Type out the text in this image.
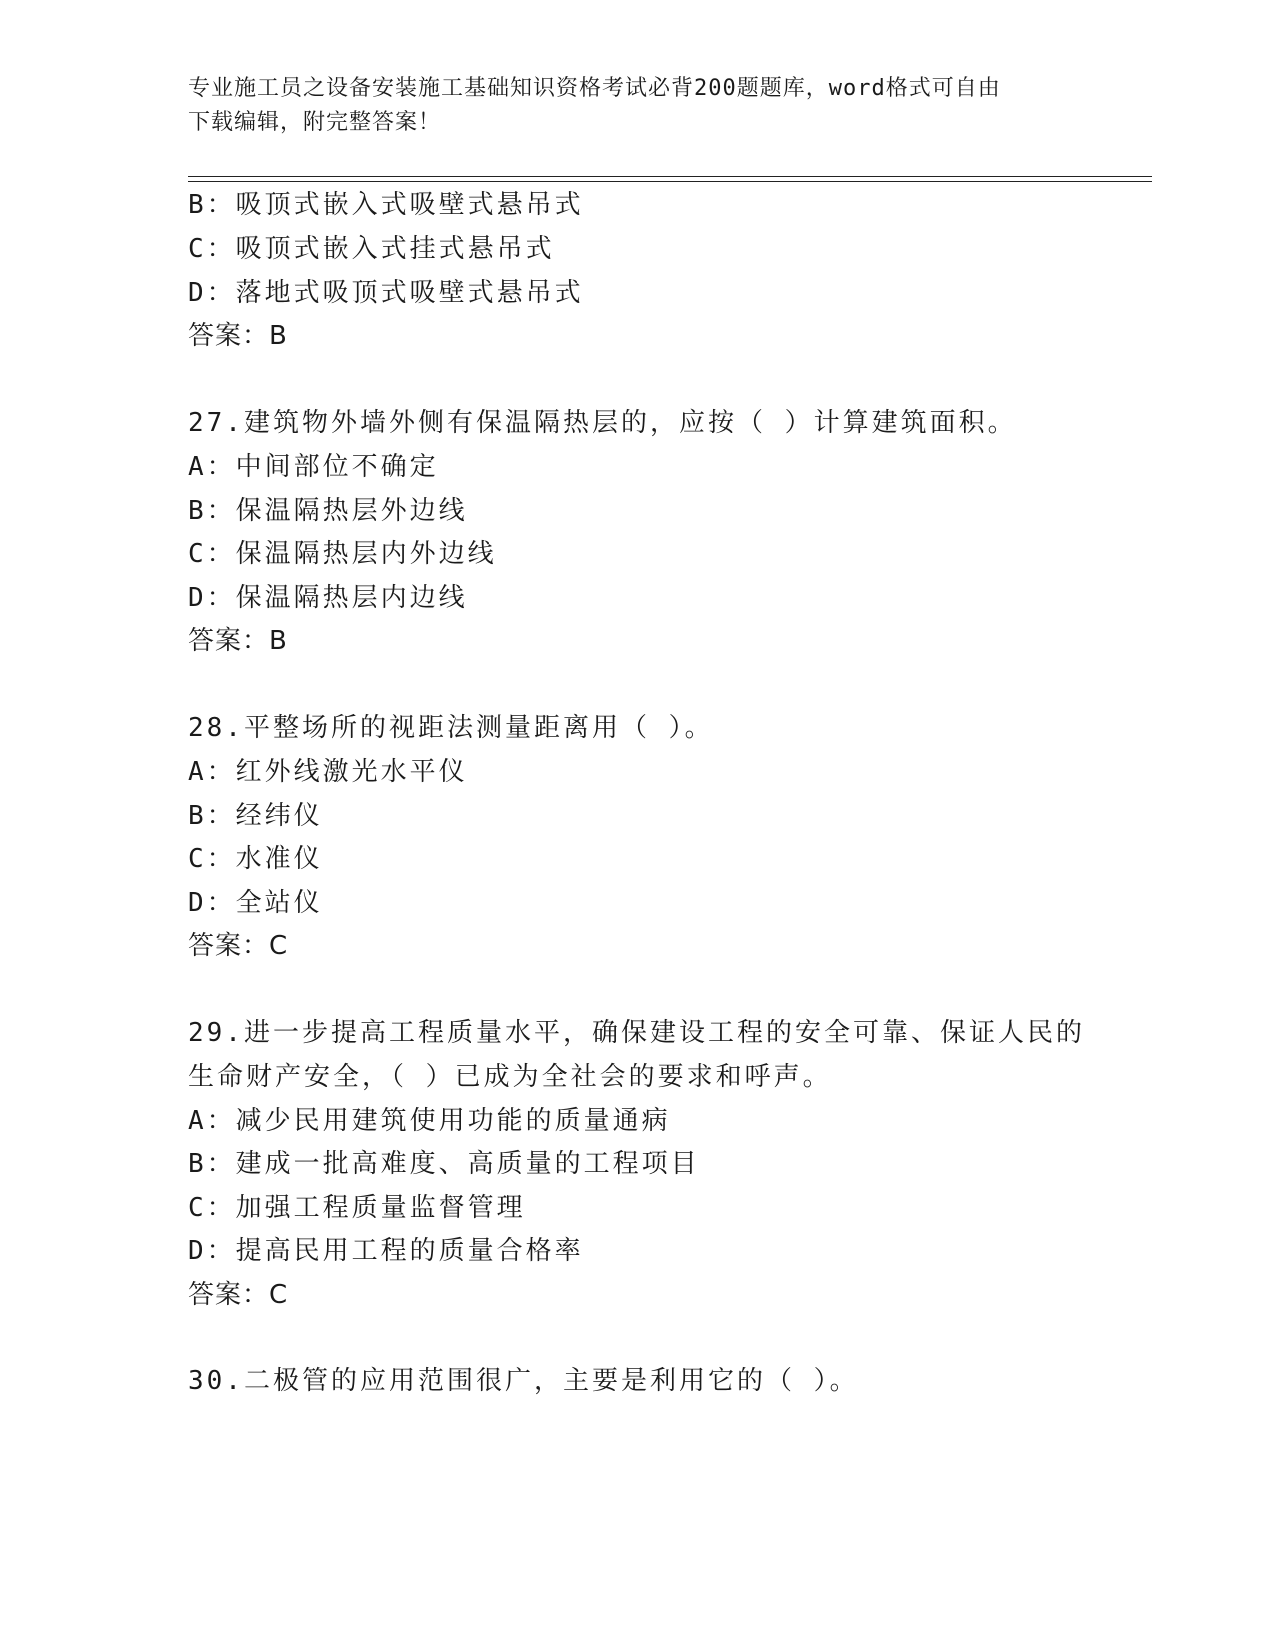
专业施工员之设备安装施工基础知识资格考试必背200题题库，word格式可自由
下载编辑，附完整答案！
B：吸顶式嵌入式吸壁式悬吊式
C：吸顶式嵌入式挂式悬吊式
D：落地式吸顶式吸壁式悬吊式
答案：B
27.建筑物外墙外侧有保温隔热层的，应按（ ）计算建筑面积。
A：中间部位不确定
B：保温隔热层外边线
C：保温隔热层内外边线
D：保温隔热层内边线
答案：B
28.平整场所的视距法测量距离用（ ）。
A：红外线激光水平仪
B：经纬仪
C：水准仪
D：全站仪
答案：C
29.进一步提高工程质量水平，确保建设工程的安全可靠、保证人民的
生命财产安全，（ ）已成为全社会的要求和呼声。
A：减少民用建筑使用功能的质量通病
B：建成一批高难度、高质量的工程项目
C：加强工程质量监督管理
D：提高民用工程的质量合格率
答案：C
30.二极管的应用范围很广，主要是利用它的（ ）。
